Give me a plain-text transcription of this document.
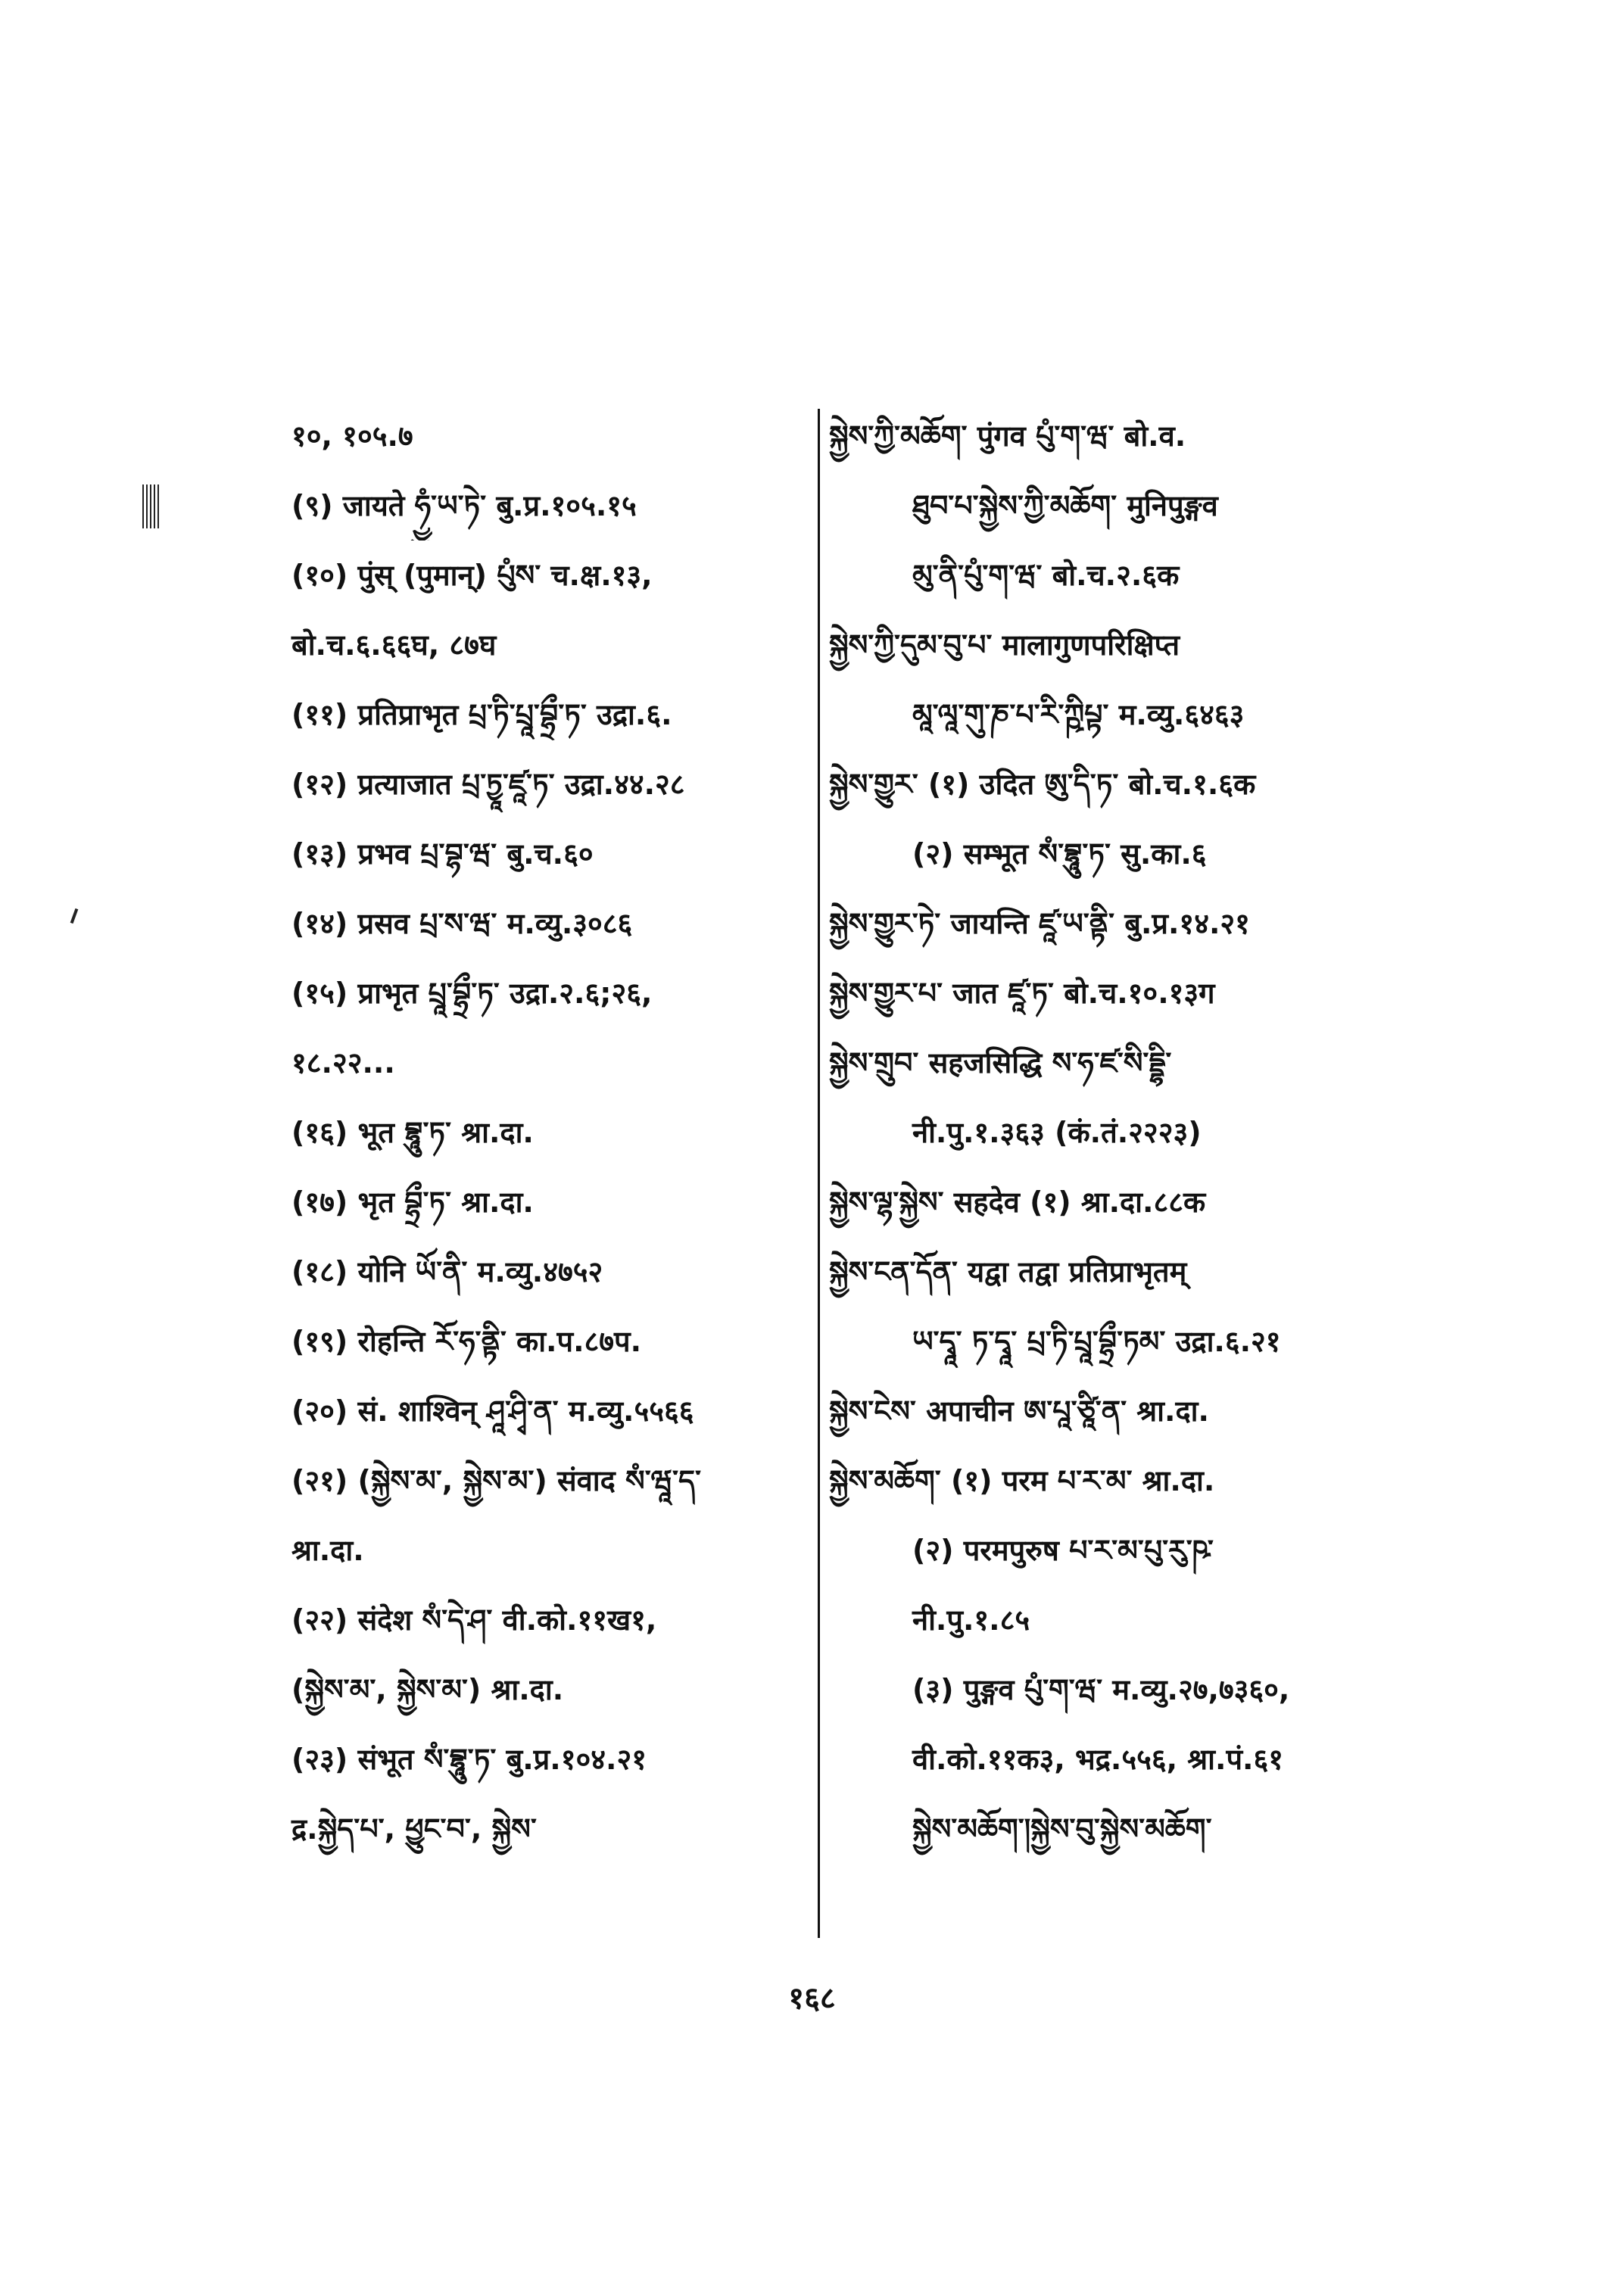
१०, १०५.७
(९) जायते ཧྱུཾ་ཡ་ཏེ་ बु.प्र.१०५.१५
(१०) पुंस् (पुमान्) པུཾས་ च.क्ष.१३,
बो.च.६.६६घ, ८७घ
(११) प्रतिप्राभृत པྲ་ཏི་པྲཱ་བྷྲྀ་ཏ་ उद्रा.६.
(१२) प्रत्याजात པྲ་ཏྱཱ་ཛཱ་ཏ་ उद्रा.४४.२८
(१३) प्रभव པྲ་བྷ་ཝ་ बु.च.६०
(१४) प्रसव པྲ་ས་ཝ་ म.व्यु.३०८६
(१५) प्राभृत པྲཱ་བྷྲྀ་ཏ་ उद्रा.२.६;२६,
१८.२२...
(१६) भूत བྷཱུ་ཏ་ श्रा.दा.
(१७) भृत བྷྲྀ་ཏ་ श्रा.दा.
(१८) योनि ཡོ་ནི་ म.व्यु.४७५२
(१९) रोहन्ति རོ་ཧ་ནྟི་ का.प.८७प.
(२०) सं. शाश्विन् ཤཱ་ཤྭི་ན་ म.व्यु.५५६६
(२१) (སྐྱེས་མ་, སྐྱེས་མ་) संवाद སཾ་ཝཱ་ད་
श्रा.दा.
(२२) संदेश སཾ་དེ་ཤ་ वी.को.११ख१,
(སྐྱེས་མ་, སྐྱེས་མ་) श्रा.दा.
(२३) संभूत སཾ་བྷཱུ་ཏ་ बु.प्र.१०४.२१
द्र.སྐྱེད་པ་, ཕྱུང་བ་, སྐྱེས་
སྐྱེས་ཀྱི་མཆོག་ पुंगव པུཾ་ག་ཝ་ बो.व.
ཐུབ་པ་སྐྱེས་ཀྱི་མཆོག་ मुनिपुङ्गव
མུ་ནི་པུཾ་ག་ཝ་ बो.च.२.६क
སྐྱེས་ཀྱི་དུམ་བུ་པ་ मालागुणपरिक्षिप्त
མཱ་ལཱ་གུ་ཎ་པ་རི་ཀྵིཔྟ་ म.व्यु.६४६३
སྐྱེས་གྱུར་ (१) उदित ཨུ་དི་ཏ་ बो.च.१.६क
(२) सम्भूत སཾ་བྷཱུ་ཏ་ सु.का.६
སྐྱེས་གྱུར་ཏེ་ जायन्ति ཛཱ་ཡ་ནྟི་ बु.प्र.१४.२१
སྐྱེས་གྱུར་པ་ जात ཛཱ་ཏ་ बो.च.१०.१३ग
སྐྱེས་གྲུབ་ सहजसिद्धि ས་ཧ་ཛ་སི་དྡྷི་
नी.पु.१.३६३ (कं.तं.२२२३)
སྐྱེས་ལྷ་སྐྱེས་ सहदेव (१) श्रा.दा.८८क
སྐྱེས་ངན་དོན་ यद्वा तद्वा प्रतिप्राभृतम्
ཡ་དྭཱ་ ཏ་དྭཱ་ པྲ་ཏི་པྲཱ་བྷྲྀ་ཏམ་ उद्रा.६.२१
སྐྱེས་ངེས་ अपाचीन ཨ་པཱ་ཙཱི་ན་ श्रा.दा.
སྐྱེས་མཆོག་ (१) परम པ་ར་མ་ श्रा.दा.
(२) परमपुरुष པ་ར་མ་པུ་རུ་ཥ་
नी.पु.१.८५
(३) पुङ्गव པུཾ་ག་ཝ་ म.व्यु.२७,७३६०,
वी.को.११क३, भद्र.५५६, श्रा.पं.६१
སྐྱེས་མཆོག་།སྐྱེས་བུ་སྐྱེས་མཆོག་
१६८
